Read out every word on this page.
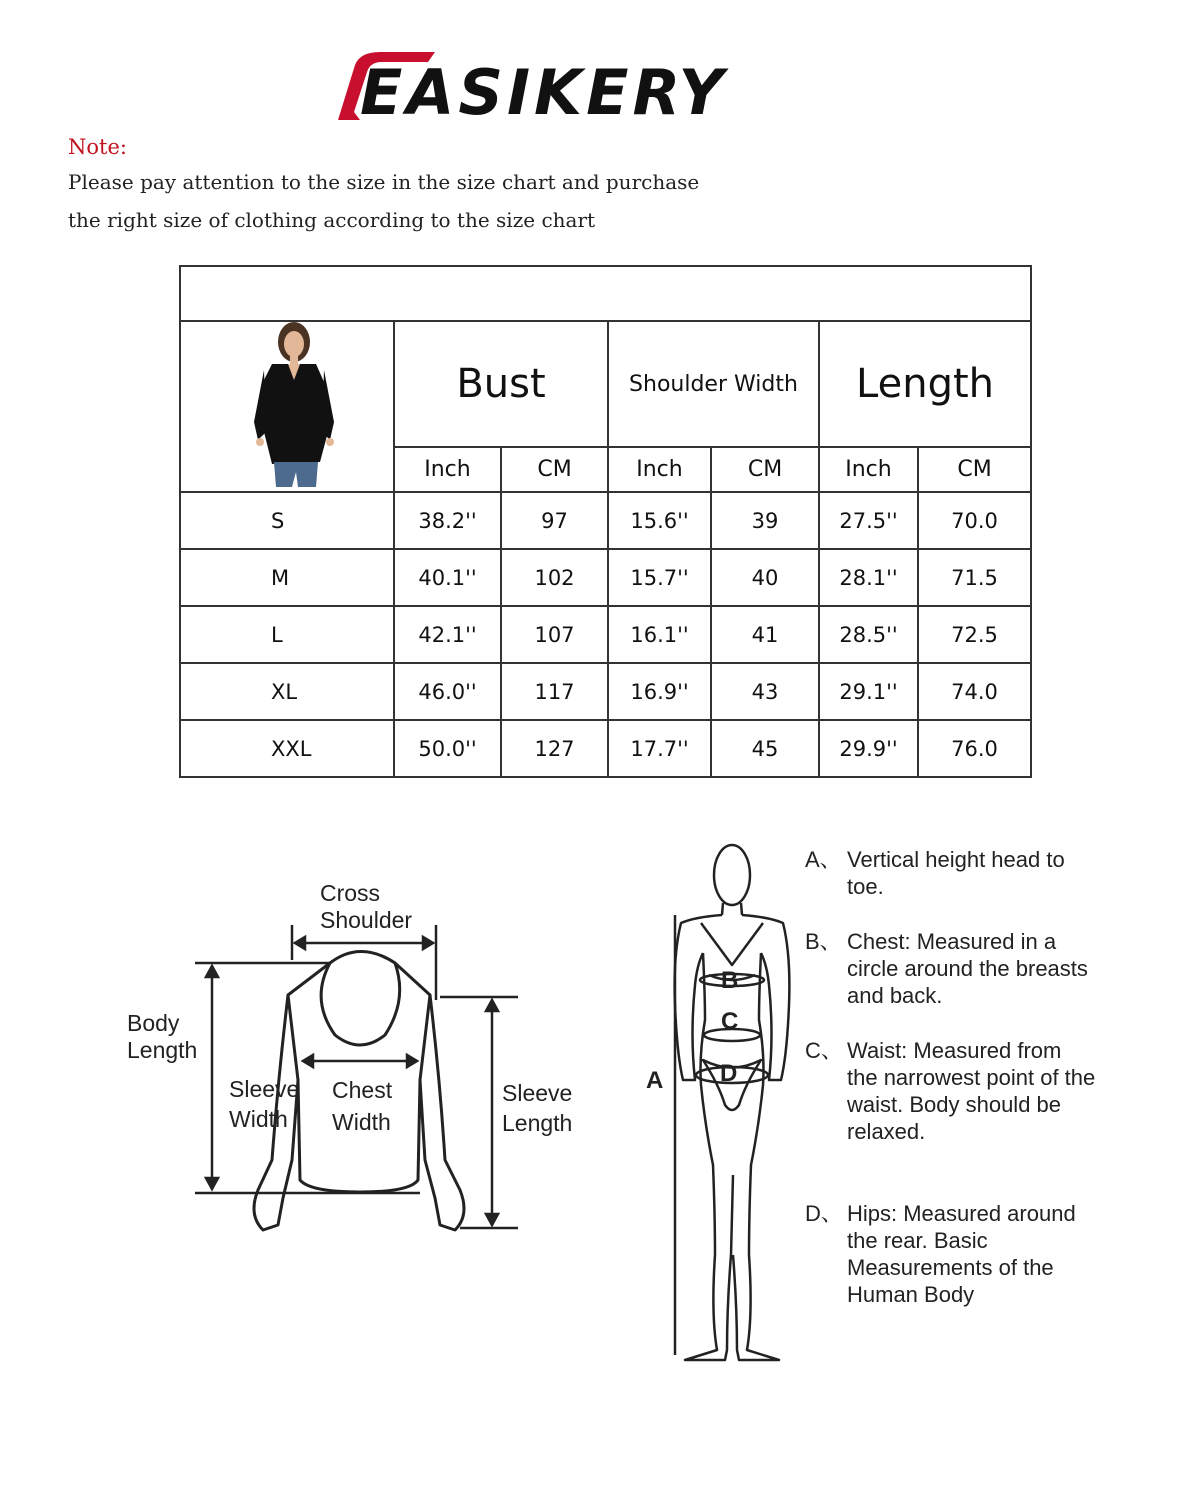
EASIKERY
Note:
Please pay attention to the size in the size chart and purchase
the right size of clothing according to the size chart

	Bust		Shoulder Width		Length	
	Inch	CM	Inch	CM	Inch	CM
S	38.2''	97	15.6''	39	27.5''	70.0
M	40.1''	102	15.7''	40	28.1''	71.5
L	42.1''	107	16.1''	41	28.5''	72.5
XL	46.0''	117	16.9''	43	29.1''	74.0
XXL	50.0''	127	17.7''	45	29.9''	76.0
Cross
Shoulder
Body
Length
Sleeve
Width
Chest
Width
Sleeve
Length
A
B
C
D
A、 Vertical height head to toe.
B、 Chest: Measured in a circle around the breasts and back.
C、 Waist: Measured from the narrowest point of the waist. Body should be relaxed.
D、 Hips: Measured around the rear. Basic Measurements of the Human Body
